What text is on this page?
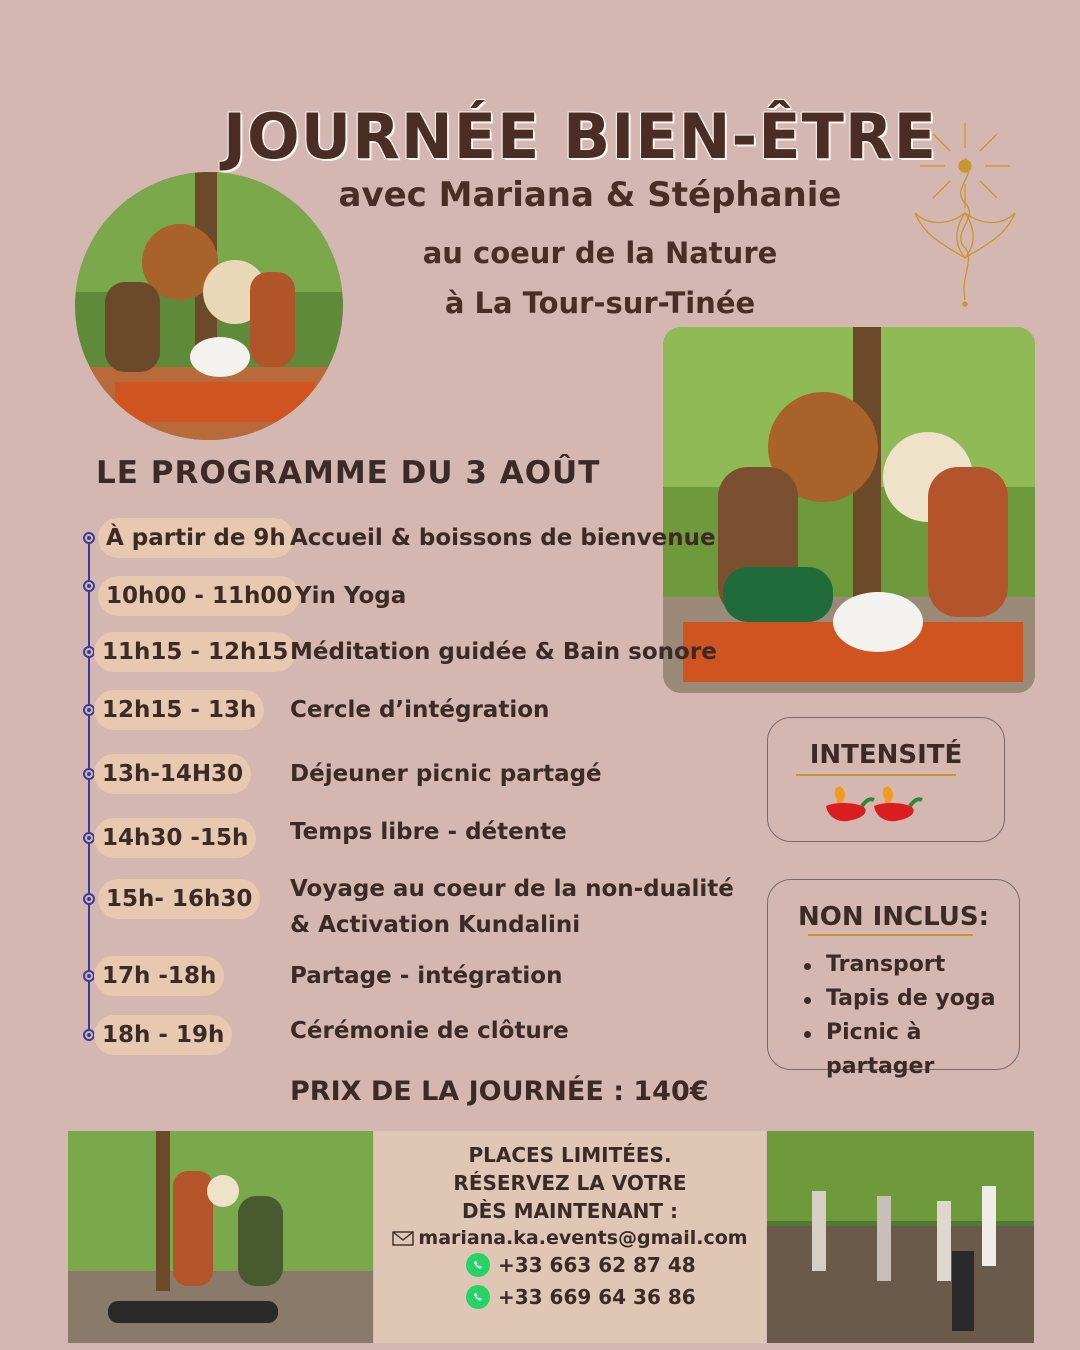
JOURNÉE BIEN-ÊTRE
avec Mariana & Stéphanie
au coeur de la Nature
à La Tour-sur-Tinée
LE PROGRAMME DU 3 AOÛT
À partir de 9h Accueil & boissons de bienvenue
10h00 - 11h00 Yin Yoga
11h15 - 12h15 Méditation guidée & Bain sonore
12h15 - 13h	Cercle d’intégration
13h-14H30	Déjeuner picnic partagé
14h30 -15h	Temps libre - détente
15h- 16h30	Voyage au coeur de la non-dualité
& Activation Kundalini
17h -18h	Partage - intégration
18h - 19h	Cérémonie de clôture
PRIX DE LA JOURNÉE : 140€
INTENSITÉ
NON INCLUS:
Transport
Tapis de yoga
Picnic à partager
PLACES LIMITÉES.
RÉSERVEZ LA VOTRE
DÈS MAINTENANT :
mariana.ka.events@gmail.com
+33 663 62 87 48
+33 669 64 36 86
